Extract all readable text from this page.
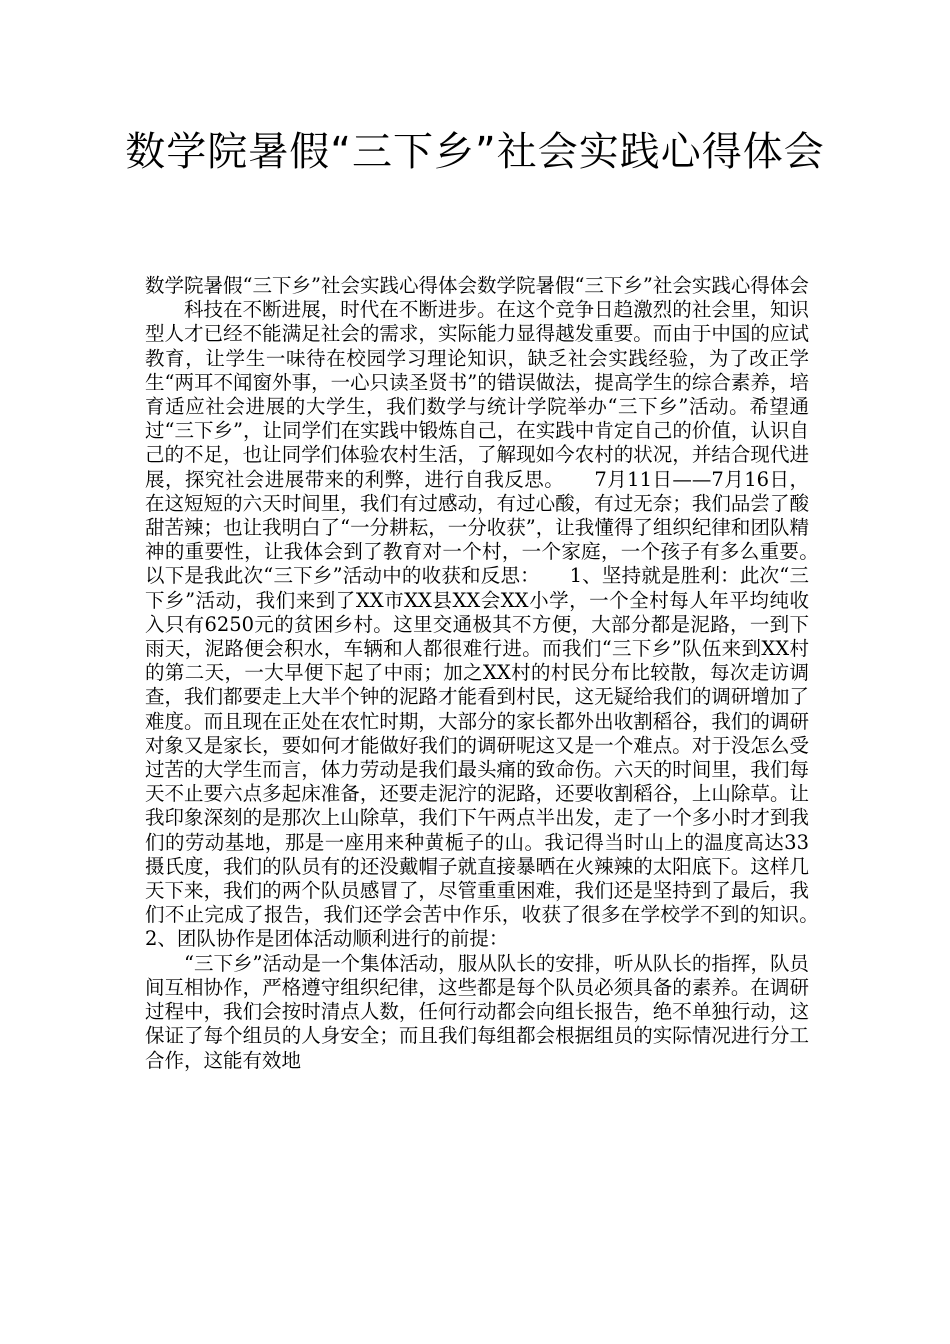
数学院暑假“三下乡”社会实践心得体会

数学院暑假“三下乡”社会实践心得体会数学院暑假“三下乡”社会实践心得体会

科技在不断进展，时代在不断进步。在这个竞争日趋激烈的社会里，知识型人才已经不能满足社会的需求，实际能力显得越发重要。而由于中国的应试教育，让学生一味待在校园学习理论知识，缺乏社会实践经验，为了改正学生“两耳不闻窗外事，一心只读圣贤书”的错误做法，提高学生的综合素养，培育适应社会进展的大学生，我们数学与统计学院举办“三下乡”活动。希望通过“三下乡”，让同学们在实践中锻炼自己，在实践中肯定自己的价值，认识自己的不足，也让同学们体验农村生活，了解现如今农村的状况，并结合现代进展，探究社会进展带来的利弊，进行自我反思。　　7月11日——7月16日，在这短短的六天时间里，我们有过感动，有过心酸，有过无奈；我们品尝了酸甜苦辣；也让我明白了“一分耕耘，一分收获”，让我懂得了组织纪律和团队精神的重要性，让我体会到了教育对一个村，一个家庭，一个孩子有多么重要。　　以下是我此次“三下乡”活动中的收获和反思：　　1、坚持就是胜利：此次“三下乡”活动，我们来到了XX市XX县XX会XX小学，一个全村每人年平均纯收入只有6250元的贫困乡村。这里交通极其不方便，大部分都是泥路，一到下雨天，泥路便会积水，车辆和人都很难行进。而我们“三下乡”队伍来到XX村的第二天，一大早便下起了中雨；加之XX村的村民分布比较散，每次走访调查，我们都要走上大半个钟的泥路才能看到村民，这无疑给我们的调研增加了难度。而且现在正处在农忙时期，大部分的家长都外出收割稻谷，我们的调研对象又是家长，要如何才能做好我们的调研呢这又是一个难点。对于没怎么受过苦的大学生而言，体力劳动是我们最头痛的致命伤。六天的时间里，我们每天不止要六点多起床准备，还要走泥泞的泥路，还要收割稻谷，上山除草。让我印象深刻的是那次上山除草，我们下午两点半出发，走了一个多小时才到我们的劳动基地，那是一座用来种黄栀子的山。我记得当时山上的温度高达33摄氏度，我们的队员有的还没戴帽子就直接暴晒在火辣辣的太阳底下。这样几天下来，我们的两个队员感冒了，尽管重重困难，我们还是坚持到了最后，我们不止完成了报告，我们还学会苦中作乐，收获了很多在学校学不到的知识。　　2、团队协作是团体活动顺利进行的前提：

“三下乡”活动是一个集体活动，服从队长的安排，听从队长的指挥，队员间互相协作，严格遵守组织纪律，这些都是每个队员必须具备的素养。在调研过程中，我们会按时清点人数，任何行动都会向组长报告，绝不单独行动，这保证了每个组员的人身安全；而且我们每组都会根据组员的实际情况进行分工合作，这能有效地
